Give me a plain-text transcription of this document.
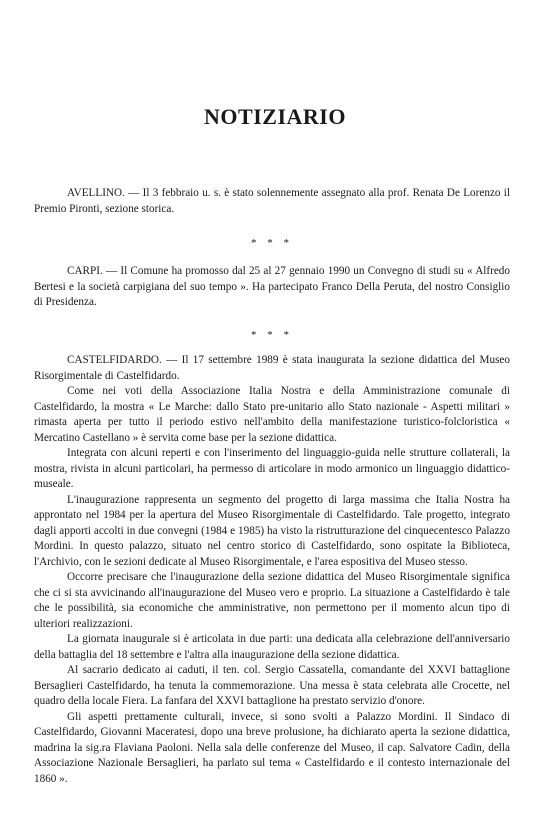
NOTIZIARIO

AVELLINO. — Il 3 febbraio u. s. è stato solennemente assegnato alla prof. Renata De Lorenzo il Premio Pironti, sezione storica.

* * *

CARPI. — Il Comune ha promosso dal 25 al 27 gennaio 1990 un Convegno di studi su « Alfredo Bertesi e la società carpigiana del suo tempo ». Ha partecipato Franco Della Peruta, del nostro Consiglio di Presidenza.

* * *

CASTELFIDARDO. — Il 17 settembre 1989 è stata inaugurata la sezione didattica del Museo Risorgimentale di Castelfidardo.

Come nei voti della Associazione Italia Nostra e della Amministrazione comunale di Castelfidardo, la mostra « Le Marche: dallo Stato pre-unitario allo Stato nazionale - Aspetti militari » rimasta aperta per tutto il periodo estivo nell'ambito della manifestazione turistico-folcloristica « Mercatino Castellano » è servita come base per la sezione didattica.

Integrata con alcuni reperti e con l'inserimento del linguaggio-guida nelle strutture collaterali, la mostra, rivista in alcuni particolari, ha permesso di articolare in modo armonico un linguaggio didattico-museale.

L'inaugurazione rappresenta un segmento del progetto di larga massima che Italia Nostra ha approntato nel 1984 per la apertura del Museo Risorgimentale di Castelfidardo. Tale progetto, integrato dagli apporti accolti in due convegni (1984 e 1985) ha visto la ristrutturazione del cinquecentesco Palazzo Mordini. In questo palazzo, situato nel centro storico di Castelfidardo, sono ospitate la Biblioteca, l'Archivio, con le sezioni dedicate al Museo Risorgimentale, e l'area espositiva del Museo stesso.

Occorre precisare che l'inaugurazione della sezione didattica del Museo Risorgimentale significa che ci si sta avvicinando all'inaugurazione del Museo vero e proprio. La situazione a Castelfidardo è tale che le possibilità, sia economiche che amministrative, non permettono per il momento alcun tipo di ulteriori realizzazioni.

La giornata inaugurale si è articolata in due parti: una dedicata alla celebrazione dell'anniversario della battaglia del 18 settembre e l'altra alla inaugurazione della sezione didattica.

Al sacrario dedicato ai caduti, il ten. col. Sergio Cassatella, comandante del XXVI battaglione Bersaglieri Castelfidardo, ha tenuta la commemorazione. Una messa è stata celebrata alle Crocette, nel quadro della locale Fiera. La fanfara del XXVI battaglione ha prestato servizio d'onore.

Gli aspetti prettamente culturali, invece, si sono svolti a Palazzo Mordini. Il Sindaco di Castelfidardo, Giovanni Maceratesi, dopo una breve prolusione, ha dichiarato aperta la sezione didattica, madrina la sig.ra Flaviana Paoloni. Nella sala delle conferenze del Museo, il cap. Salvatore Cadin, della Associazione Nazionale Bersaglieri, ha parlato sul tema « Castelfidardo e il contesto internazionale del 1860 ».
